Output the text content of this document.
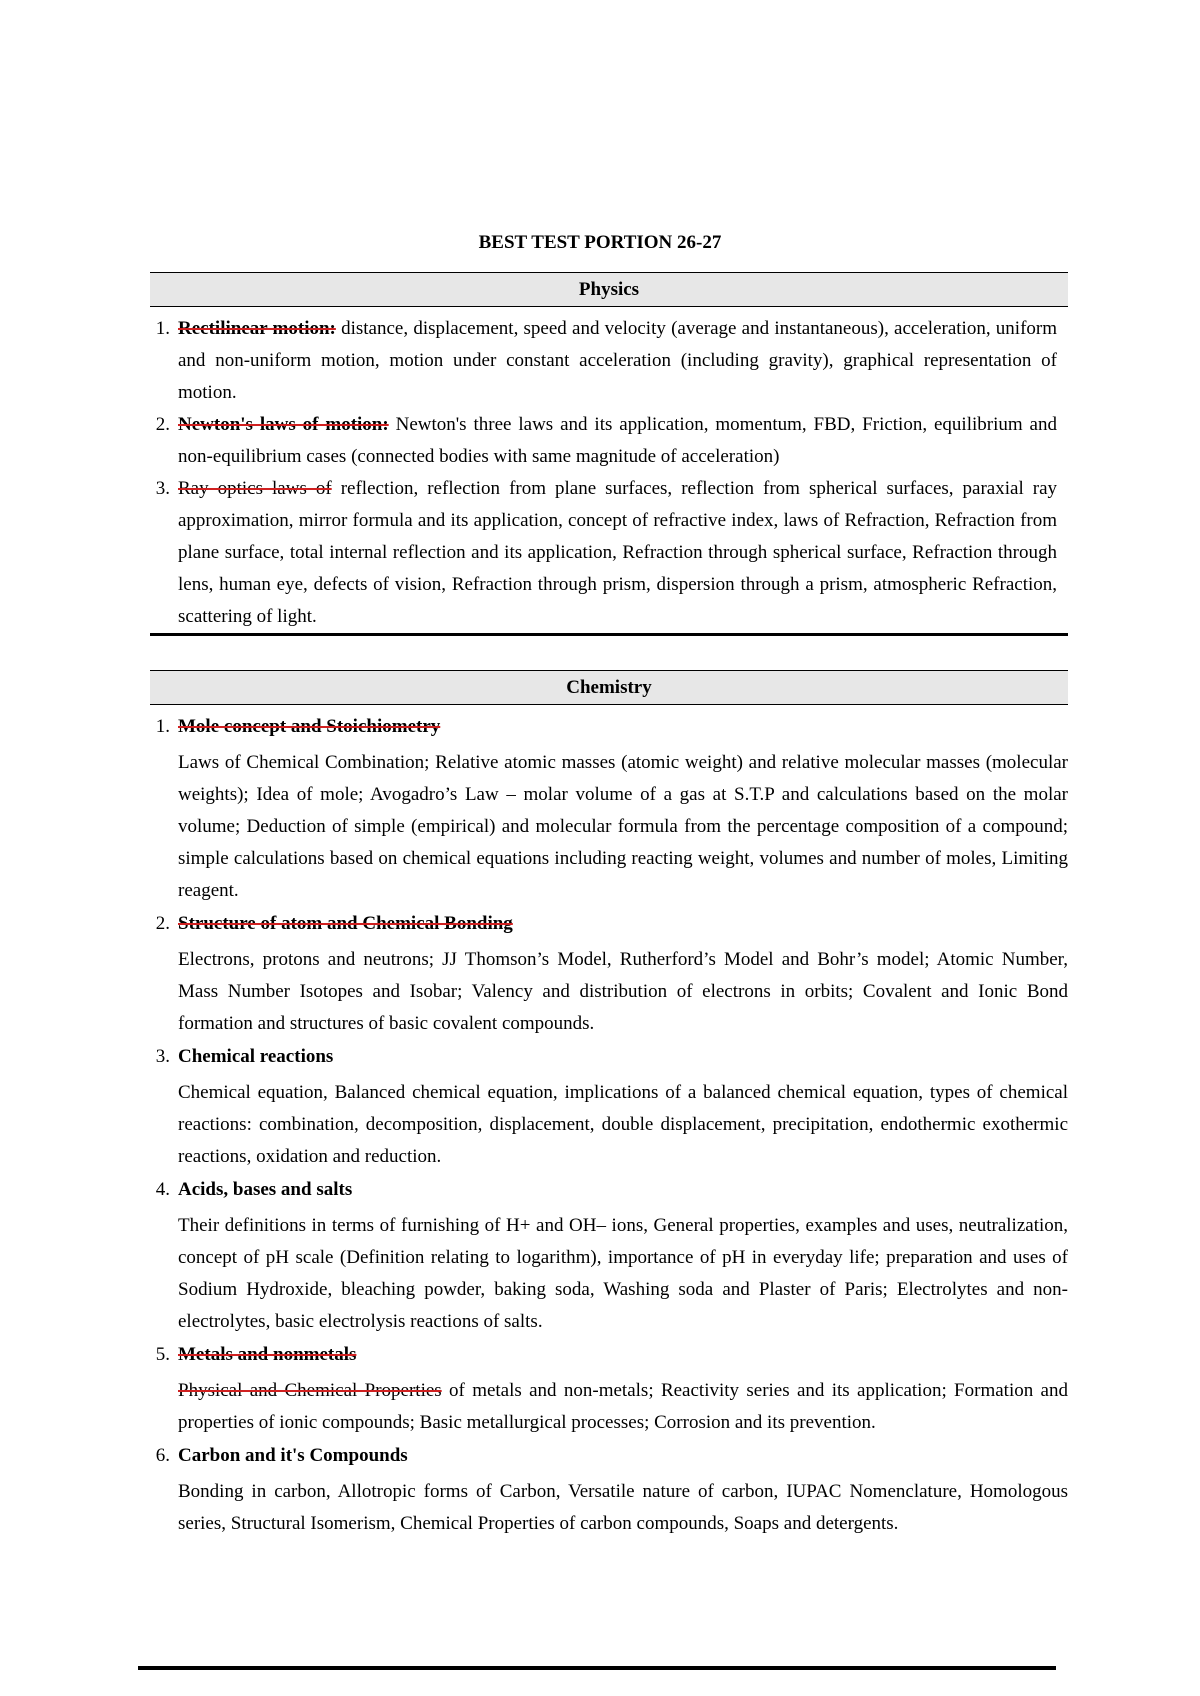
BEST TEST PORTION 26-27
Physics
1. Rectilinear motion: distance, displacement, speed and velocity (average and instantaneous), acceleration, uniform and non-uniform motion, motion under constant acceleration (including gravity), graphical representation of motion.
2. Newton's laws of motion: Newton's three laws and its application, momentum, FBD, Friction, equilibrium and non-equilibrium cases (connected bodies with same magnitude of acceleration)
3. Ray optics laws of reflection, reflection from plane surfaces, reflection from spherical surfaces, paraxial ray approximation, mirror formula and its application, concept of refractive index, laws of Refraction, Refraction from plane surface, total internal reflection and its application, Refraction through spherical surface, Refraction through lens, human eye, defects of vision, Refraction through prism, dispersion through a prism, atmospheric Refraction, scattering of light.
Chemistry
1. Mole concept and Stoichiometry
Laws of Chemical Combination; Relative atomic masses (atomic weight) and relative molecular masses (molecular weights); Idea of mole; Avogadro’s Law – molar volume of a gas at S.T.P and calculations based on the molar volume; Deduction of simple (empirical) and molecular formula from the percentage composition of a compound; simple calculations based on chemical equations including reacting weight, volumes and number of moles, Limiting reagent.
2. Structure of atom and Chemical Bonding
Electrons, protons and neutrons; JJ Thomson’s Model, Rutherford’s Model and Bohr’s model; Atomic Number, Mass Number Isotopes and Isobar; Valency and distribution of electrons in orbits; Covalent and Ionic Bond formation and structures of basic covalent compounds.
3. Chemical reactions
Chemical equation, Balanced chemical equation, implications of a balanced chemical equation, types of chemical reactions: combination, decomposition, displacement, double displacement, precipitation, endothermic exothermic reactions, oxidation and reduction.
4. Acids, bases and salts
Their definitions in terms of furnishing of H+ and OH– ions, General properties, examples and uses, neutralization, concept of pH scale (Definition relating to logarithm), importance of pH in everyday life; preparation and uses of Sodium Hydroxide, bleaching powder, baking soda, Washing soda and Plaster of Paris; Electrolytes and non-electrolytes, basic electrolysis reactions of salts.
5. Metals and nonmetals
Physical and Chemical Properties of metals and non-metals; Reactivity series and its application; Formation and properties of ionic compounds; Basic metallurgical processes; Corrosion and its prevention.
6. Carbon and it's Compounds
Bonding in carbon, Allotropic forms of Carbon, Versatile nature of carbon, IUPAC Nomenclature, Homologous series, Structural Isomerism, Chemical Properties of carbon compounds, Soaps and detergents.
